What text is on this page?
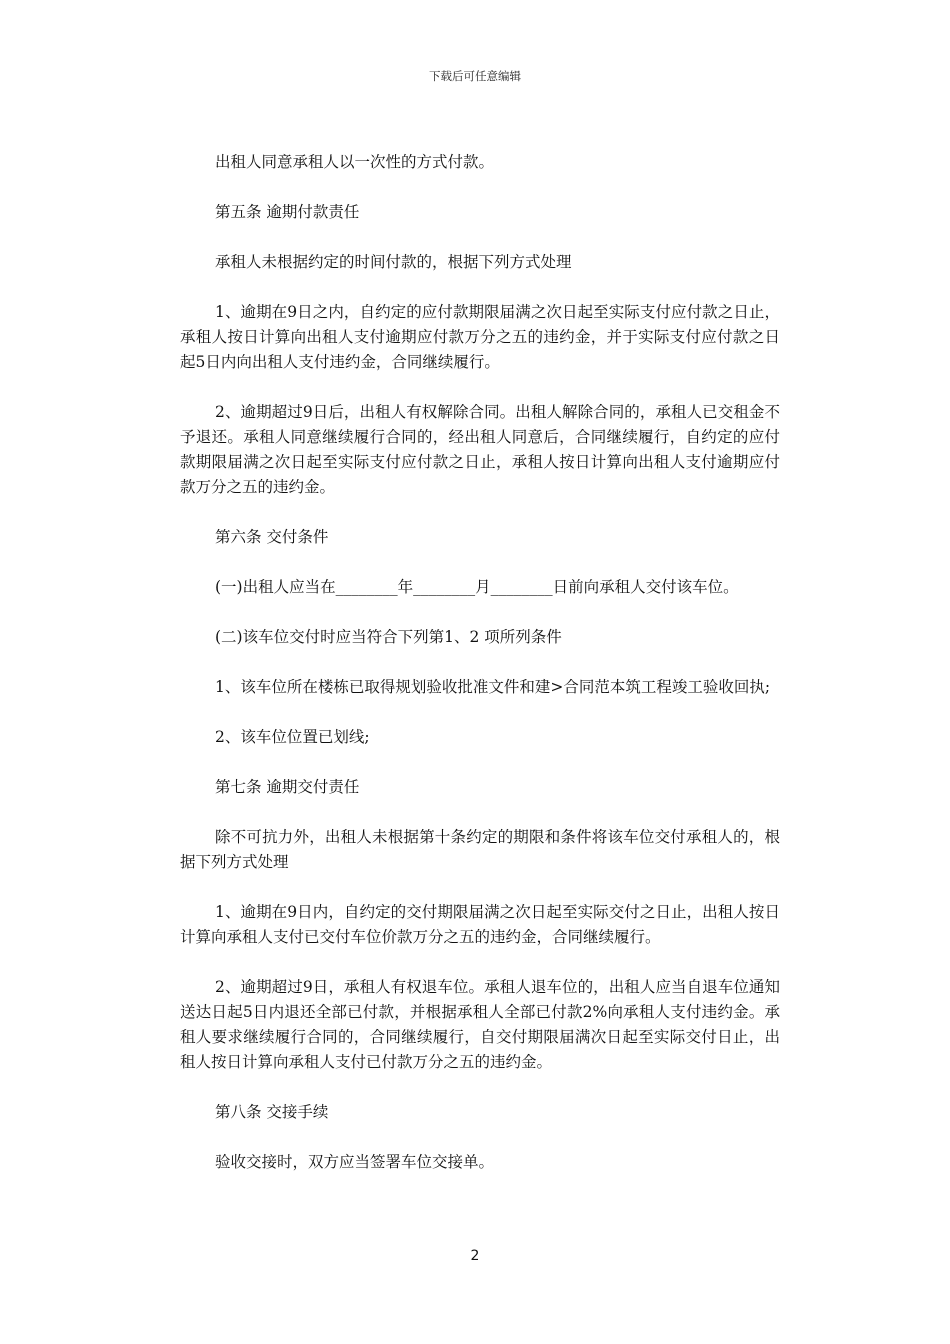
下载后可任意编辑

出租人同意承租人以一次性的方式付款。

第五条 逾期付款责任

承租人未根据约定的时间付款的，根据下列方式处理

1、逾期在9日之内，自约定的应付款期限届满之次日起至实际支付应付款之日止，承租人按日计算向出租人支付逾期应付款万分之五的违约金，并于实际支付应付款之日起5日内向出租人支付违约金，合同继续履行。

2、逾期超过9日后，出租人有权解除合同。出租人解除合同的，承租人已交租金不予退还。承租人同意继续履行合同的，经出租人同意后，合同继续履行，自约定的应付款期限届满之次日起至实际支付应付款之日止，承租人按日计算向出租人支付逾期应付款万分之五的违约金。

第六条 交付条件

(一)出租人应当在________年________月________日前向承租人交付该车位。

(二)该车位交付时应当符合下列第1、2 项所列条件

1、该车位所在楼栋已取得规划验收批准文件和建>合同范本筑工程竣工验收回执;

2、该车位位置已划线;

第七条 逾期交付责任

除不可抗力外，出租人未根据第十条约定的期限和条件将该车位交付承租人的，根据下列方式处理

1、逾期在9日内，自约定的交付期限届满之次日起至实际交付之日止，出租人按日计算向承租人支付已交付车位价款万分之五的违约金，合同继续履行。

2、逾期超过9日，承租人有权退车位。承租人退车位的，出租人应当自退车位通知送达日起5日内退还全部已付款，并根据承租人全部已付款2%向承租人支付违约金。承租人要求继续履行合同的，合同继续履行，自交付期限届满次日起至实际交付日止，出租人按日计算向承租人支付已付款万分之五的违约金。

第八条 交接手续

验收交接时，双方应当签署车位交接单。

2
